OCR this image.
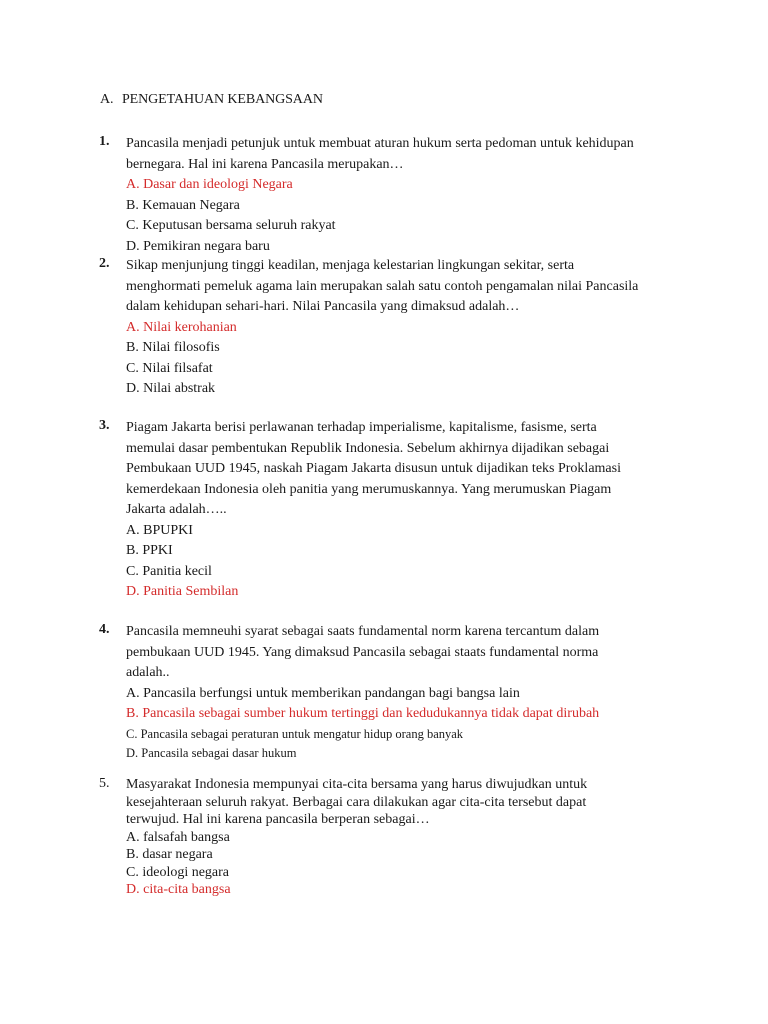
A. PENGETAHUAN KEBANGSAAN
1. Pancasila menjadi petunjuk untuk membuat aturan hukum serta pedoman untuk kehidupan
bernegara. Hal ini karena Pancasila merupakan…
A. Dasar dan ideologi Negara
B. Kemauan Negara
C. Keputusan bersama seluruh rakyat
D. Pemikiran negara baru
2. Sikap menjunjung tinggi keadilan, menjaga kelestarian lingkungan sekitar, serta
menghormati pemeluk agama lain merupakan salah satu contoh pengamalan nilai Pancasila
dalam kehidupan sehari-hari. Nilai Pancasila yang dimaksud adalah…
A. Nilai kerohanian
B. Nilai filosofis
C. Nilai filsafat
D. Nilai abstrak
3. Piagam Jakarta berisi perlawanan terhadap imperialisme, kapitalisme, fasisme, serta
memulai dasar pembentukan Republik Indonesia. Sebelum akhirnya dijadikan sebagai
Pembukaan UUD 1945, naskah Piagam Jakarta disusun untuk dijadikan teks Proklamasi
kemerdekaan Indonesia oleh panitia yang merumuskannya. Yang merumuskan Piagam
Jakarta adalah…..
A. BPUPKI
B. PPKI
C. Panitia kecil
D. Panitia Sembilan
4. Pancasila memneuhi syarat sebagai saats fundamental norm karena tercantum dalam
pembukaan UUD 1945. Yang dimaksud Pancasila sebagai staats fundamental norma
adalah..
A. Pancasila berfungsi untuk memberikan pandangan bagi bangsa lain
B. Pancasila sebagai sumber hukum tertinggi dan kedudukannya tidak dapat dirubah
C. Pancasila sebagai peraturan untuk mengatur hidup orang banyak
D. Pancasila sebagai dasar hukum
5. Masyarakat Indonesia mempunyai cita-cita bersama yang harus diwujudkan untuk
kesejahteraan seluruh rakyat. Berbagai cara dilakukan agar cita-cita tersebut dapat
terwujud. Hal ini karena pancasila berperan sebagai…
A. falsafah bangsa
B. dasar negara
C. ideologi negara
D. cita-cita bangsa
